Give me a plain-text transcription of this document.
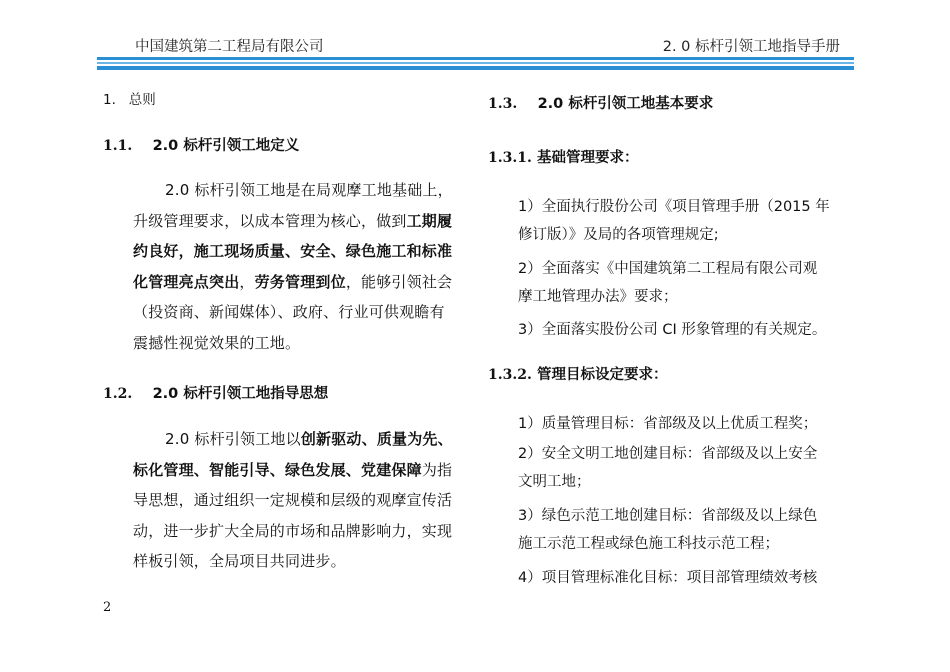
中国建筑第二工程局有限公司	2. 0 标杆引领工地指导手册
1. 总则
1.1. 2.0 标杆引领工地定义
2.0 标杆引领工地是在局观摩工地基础上，
升级管理要求，以成本管理为核心，做到工期履
约良好，施工现场质量、安全、绿色施工和标准
化管理亮点突出，劳务管理到位，能够引领社会
（投资商、新闻媒体）、政府、行业可供观瞻有
震撼性视觉效果的工地。
1.2. 2.0 标杆引领工地指导思想
2.0 标杆引领工地以创新驱动、质量为先、
标化管理、智能引导、绿色发展、党建保障为指
导思想，通过组织一定规模和层级的观摩宣传活
动，进一步扩大全局的市场和品牌影响力，实现
样板引领，全局项目共同进步。
1.3. 2.0 标杆引领工地基本要求
1.3.1. 基础管理要求：
1）全面执行股份公司《项目管理手册（2015 年
修订版）》及局的各项管理规定;
2）全面落实《中国建筑第二工程局有限公司观
摩工地管理办法》要求；
3）全面落实股份公司 CI 形象管理的有关规定。
1.3.2. 管理目标设定要求：
1）质量管理目标：省部级及以上优质工程奖；
2）安全文明工地创建目标：省部级及以上安全
文明工地；
3）绿色示范工地创建目标：省部级及以上绿色
施工示范工程或绿色施工科技示范工程；
4）项目管理标准化目标：项目部管理绩效考核
2
